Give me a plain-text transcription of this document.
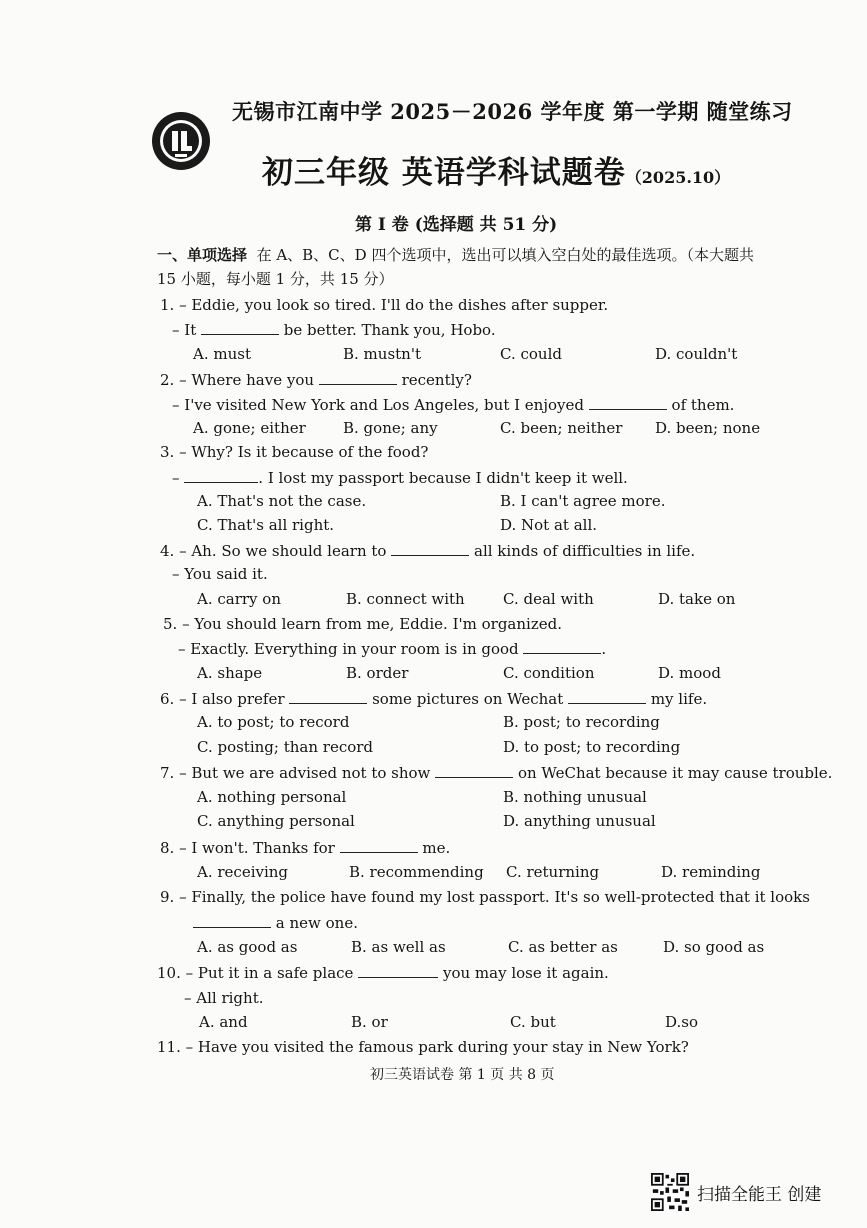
无锡市江南中学 2025－2026 学年度 第一学期 随堂练习
初三年级 英语学科试题卷（2025.10）
第 I 卷 (选择题 共 51 分)
一、单项选择 在 A、B、C、D 四个选项中，选出可以填入空白处的最佳选项。（本大题共 15 小题，每小题 1 分，共 15 分）
1. – Eddie, you look so tired. I'll do the dishes after supper.
– It	be better. Thank you, Hobo.
A. must	B. mustn't	C. could	D. couldn't
2. – Where have you	recently?
– I've visited New York and Los Angeles, but I enjoyed	of them.
A. gone; either B. gone; any	C. been; neither D. been; none
3. – Why? Is it because of the food?
–	. I lost my passport because I didn't keep it well.
A. That's not the case.	B. I can't agree more.
C. That's all right.	D. Not at all.
4. – Ah. So we should learn to	all kinds of difficulties in life.
– You said it.
A. carry on	B. connect with	C. deal with	D. take on
5. – You should learn from me, Eddie. I'm organized.
– Exactly. Everything in your room is in good	.
A. shape	B. order	C. condition	D. mood
6. – I also prefer	some pictures on Wechat	my life.
A. to post; to record	B. post; to recording
C. posting; than record	D. to post; to recording
7. – But we are advised not to show	on WeChat because it may cause trouble.
A. nothing personal	B. nothing unusual
C. anything personal	D. anything unusual
8. – I won't. Thanks for	me.
A. receiving	B. recommending C. returning	D. reminding
9. – Finally, the police have found my lost passport. It's so well-protected that it looks
a new one.
A. as good as	B. as well as	C. as better as	D. so good as
10. – Put it in a safe place	you may lose it again.
– All right.
A. and	B. or	C. but	D.so
11. – Have you visited the famous park during your stay in New York?
初三英语试卷 第 1 页 共 8 页
扫描全能王 创建
